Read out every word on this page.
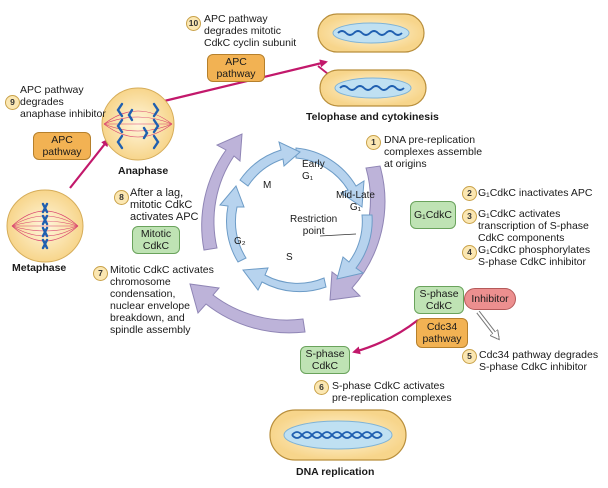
10 APC pathway
degrades mitotic
CdkC cyclin subunit
APC
pathway
Telophase and cytokinesis
9
APC pathway
degrades
anaphase inhibitor
APC
pathway
Anaphase
Metaphase
8 After a lag,
mitotic CdkC
activates APC
Mitotic
CdkC
7 Mitotic CdkC activates
chromosome
condensation,
nuclear envelope
breakdown, and
spindle assembly
Early
G₁
Mid-Late
G₁
Restriction
point
S
G₂
M
1 DNA pre-replication
complexes assemble
at origins
G₁CdkC
2 G₁CdkC inactivates APC
3 G₁CdkC activates
transcription of S-phase
CdkC components
4 G₁CdkC phosphorylates
S-phase CdkC inhibitor
S-phase
CdkC
Inhibitor
Cdc34
pathway
5 Cdc34 pathway degrades
S-phase CdkC inhibitor
S-phase
CdkC
6 S-phase CdkC activates
pre-replication complexes
DNA replication
